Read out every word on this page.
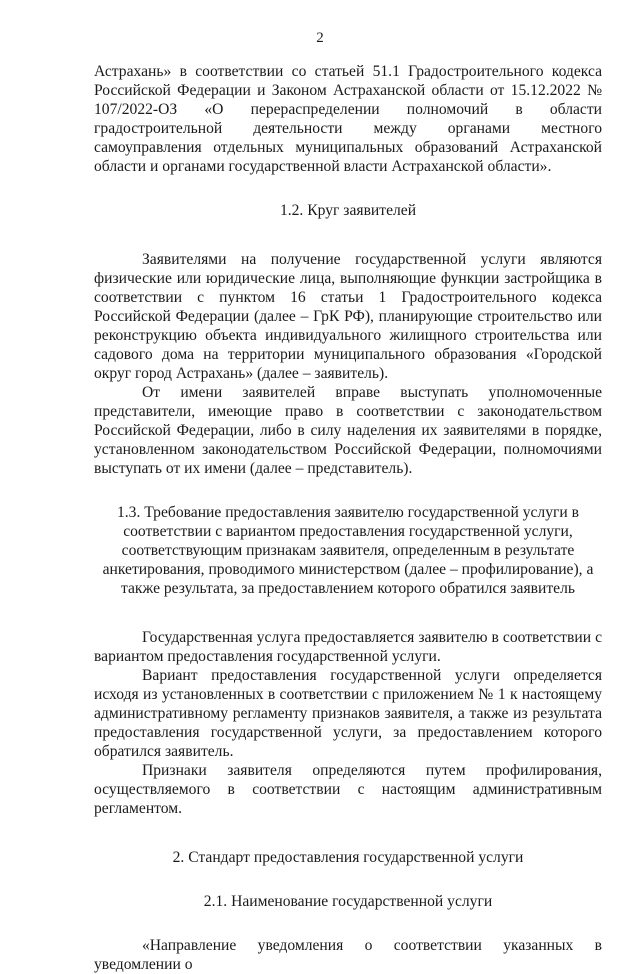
2

Астрахань» в соответствии со статьей 51.1 Градостроительного кодекса Российской Федерации и Законом Астраханской области от 15.12.2022 № 107/2022-ОЗ «О перераспределении полномочий в области градостроительной деятельности между органами местного самоуправления отдельных муниципальных образований Астраханской области и органами государственной власти Астраханской области».

1.2. Круг заявителей

Заявителями на получение государственной услуги являются физические или юридические лица, выполняющие функции застройщика в соответствии с пунктом 16 статьи 1 Градостроительного кодекса Российской Федерации (далее – ГрК РФ), планирующие строительство или реконструкцию объекта индивидуального жилищного строительства или садового дома на территории муниципального образования «Городской округ город Астрахань» (далее – заявитель).

От имени заявителей вправе выступать уполномоченные представители, имеющие право в соответствии с законодательством Российской Федерации, либо в силу наделения их заявителями в порядке, установленном законодательством Российской Федерации, полномочиями выступать от их имени (далее – представитель).

1.3. Требование предоставления заявителю государственной услуги в соответствии с вариантом предоставления государственной услуги, соответствующим признакам заявителя, определенным в результате анкетирования, проводимого министерством (далее – профилирование), а также результата, за предоставлением которого обратился заявитель

Государственная услуга предоставляется заявителю в соответствии с вариантом предоставления государственной услуги.

Вариант предоставления государственной услуги определяется исходя из установленных в соответствии с приложением № 1 к настоящему административному регламенту признаков заявителя, а также из результата предоставления государственной услуги, за предоставлением которого обратился заявитель.

Признаки заявителя определяются путем профилирования, осуществляемого в соответствии с настоящим административным регламентом.

2. Стандарт предоставления государственной услуги

2.1. Наименование государственной услуги

«Направление уведомления о соответствии указанных в уведомлении о
